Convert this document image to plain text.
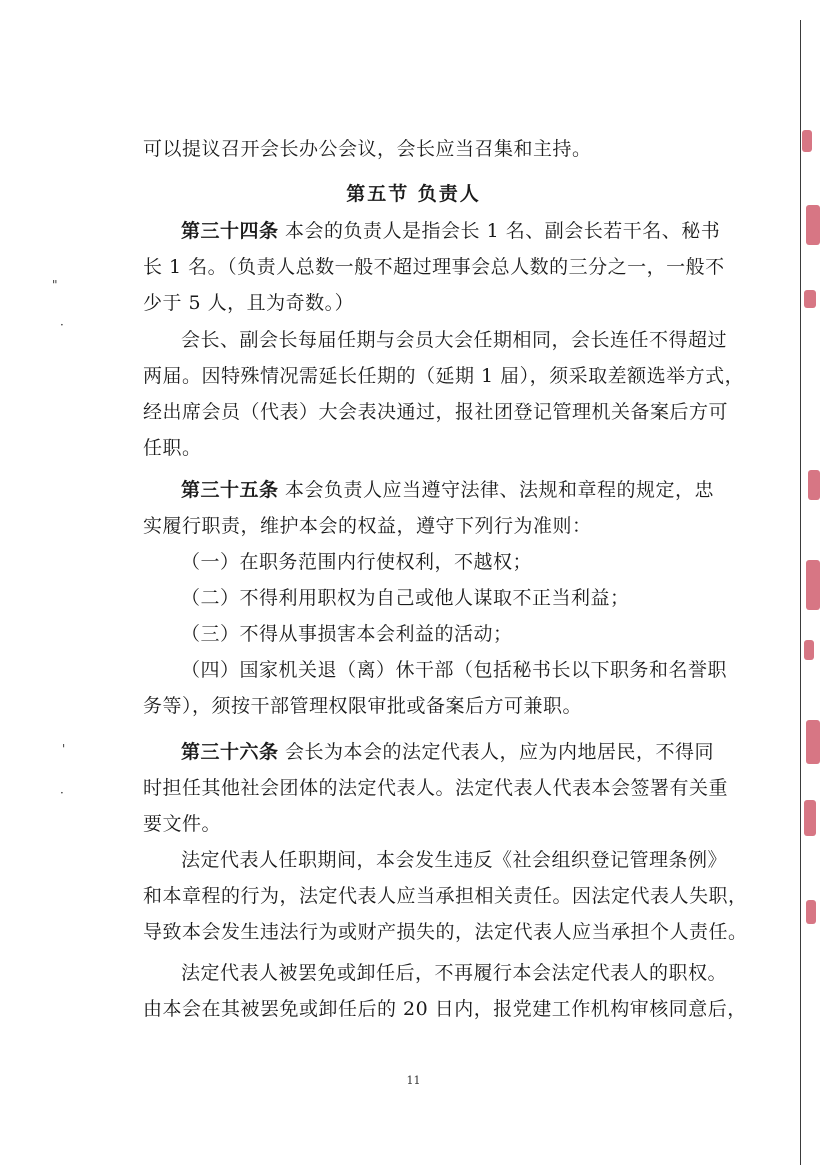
"
·
'
·
可以提议召开会长办公会议，会长应当召集和主持。
第五节 负责人
第三十四条 本会的负责人是指会长 1 名、副会长若干名、秘书
长 1 名。（负责人总数一般不超过理事会总人数的三分之一，一般不
少于 5 人，且为奇数。）
会长、副会长每届任期与会员大会任期相同，会长连任不得超过
两届。因特殊情况需延长任期的（延期 1 届），须采取差额选举方式，
经出席会员（代表）大会表决通过，报社团登记管理机关备案后方可
任职。
第三十五条 本会负责人应当遵守法律、法规和章程的规定，忠
实履行职责，维护本会的权益，遵守下列行为准则：
（一）在职务范围内行使权利，不越权；
（二）不得利用职权为自己或他人谋取不正当利益；
（三）不得从事损害本会利益的活动；
（四）国家机关退（离）休干部（包括秘书长以下职务和名誉职
务等），须按干部管理权限审批或备案后方可兼职。
第三十六条 会长为本会的法定代表人，应为内地居民，不得同
时担任其他社会团体的法定代表人。法定代表人代表本会签署有关重
要文件。
法定代表人任职期间，本会发生违反《社会组织登记管理条例》
和本章程的行为，法定代表人应当承担相关责任。因法定代表人失职，
导致本会发生违法行为或财产损失的，法定代表人应当承担个人责任。
法定代表人被罢免或卸任后，不再履行本会法定代表人的职权。
由本会在其被罢免或卸任后的 20 日内，报党建工作机构审核同意后，
11
